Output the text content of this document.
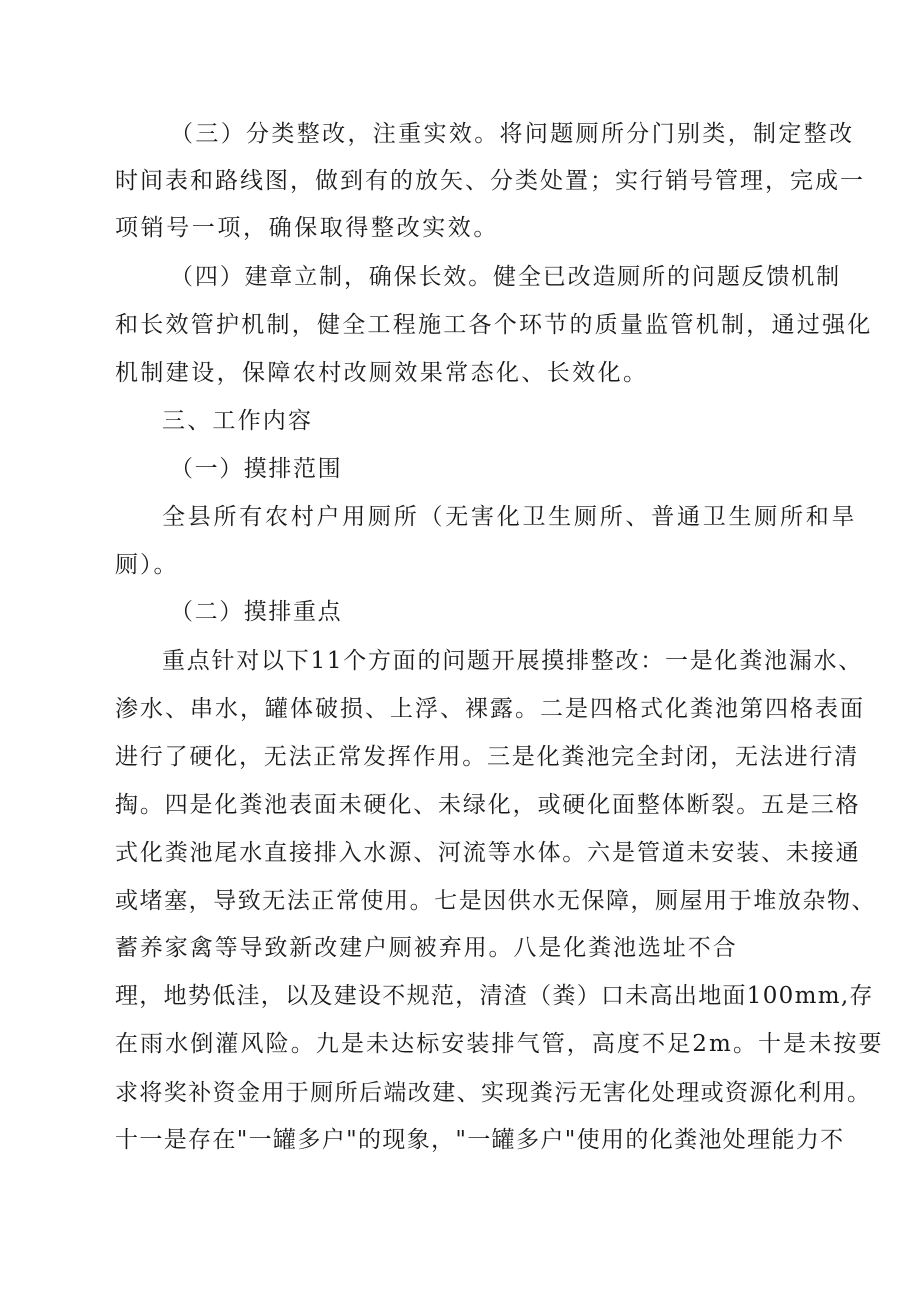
（三）分类整改，注重实效。将问题厕所分门别类，制定整改
时间表和路线图，做到有的放矢、分类处置；实行销号管理，完成一
项销号一项，确保取得整改实效。
（四）建章立制，确保长效。健全已改造厕所的问题反馈机制
和长效管护机制，健全工程施工各个环节的质量监管机制，通过强化
机制建设，保障农村改厕效果常态化、长效化。
三、工作内容
（一）摸排范围
全县所有农村户用厕所（无害化卫生厕所、普通卫生厕所和旱
厕）。
（二）摸排重点
重点针对以下11个方面的问题开展摸排整改：一是化粪池漏水、
渗水、串水，罐体破损、上浮、裸露。二是四格式化粪池第四格表面
进行了硬化，无法正常发挥作用。三是化粪池完全封闭，无法进行清
掏。四是化粪池表面未硬化、未绿化，或硬化面整体断裂。五是三格
式化粪池尾水直接排入水源、河流等水体。六是管道未安装、未接通
或堵塞，导致无法正常使用。七是因供水无保障，厕屋用于堆放杂物、
蓄养家禽等导致新改建户厕被弃用。八是化粪池选址不合
理，地势低洼，以及建设不规范，清渣（粪）口未高出地面100mm,存
在雨水倒灌风险。九是未达标安装排气管，高度不足2m。十是未按要
求将奖补资金用于厕所后端改建、实现粪污无害化处理或资源化利用。
十一是存在"一罐多户"的现象，"一罐多户"使用的化粪池处理能力不
